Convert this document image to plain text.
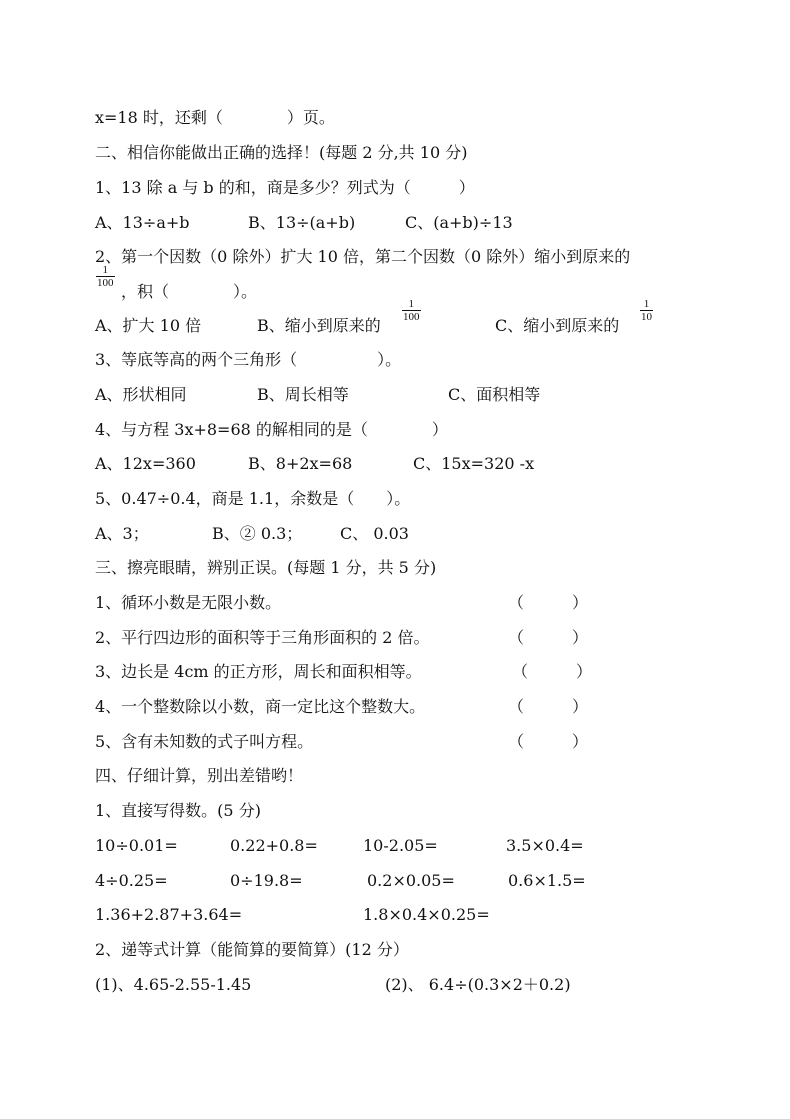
x=18 时，还剩（　　　　）页。
二、相信你能做出正确的选择！(每题 2 分,共 10 分)
1、13 除 a 与 b 的和，商是多少？列式为（　　　）
A、13÷a+b	B、13÷(a+b)	C、(a+b)÷13
2、第一个因数（0 除外）扩大 10 倍，第二个因数（0 除外）缩小到原来的
$\frac{1}{100}$
，积（　　　　）。
A、扩大 10 倍	B、缩小到原来的
$\frac{1}{100}$
C、缩小到原来的
$\frac{1}{10}$
3、等底等高的两个三角形（　　　　　）。
A、形状相同	B、周长相等	C、面积相等
4、与方程 3x+8=68 的解相同的是（　　　　）
A、12x=360	B、8+2x=68	C、15x=320 -x
5、0.47÷0.4，商是 1.1，余数是（　　）。
A、3；	B、② 0.3； C、 0.03
三、擦亮眼睛，辨别正误。(每题 1 分，共 5 分)
1、循环小数是无限小数。	（　　　）
2、平行四边形的面积等于三角形面积的 2 倍。	（　　　）
3、边长是 4cm 的正方形，周长和面积相等。	（　　　）
4、一个整数除以小数，商一定比这个整数大。	（　　　）
5、含有未知数的式子叫方程。	（　　　）
四、仔细计算，别出差错哟！
1、直接写得数。(5 分)
10÷0.01=	0.22+0.8=	10-2.05=	3.5×0.4=
4÷0.25=	0÷19.8=	0.2×0.05=	0.6×1.5=
1.36+2.87+3.64=	1.8×0.4×0.25=
2、递等式计算（能简算的要简算）(12 分）
(1)、4.65-2.55-1.45	(2)、 6.4÷(0.3×2＋0.2)
